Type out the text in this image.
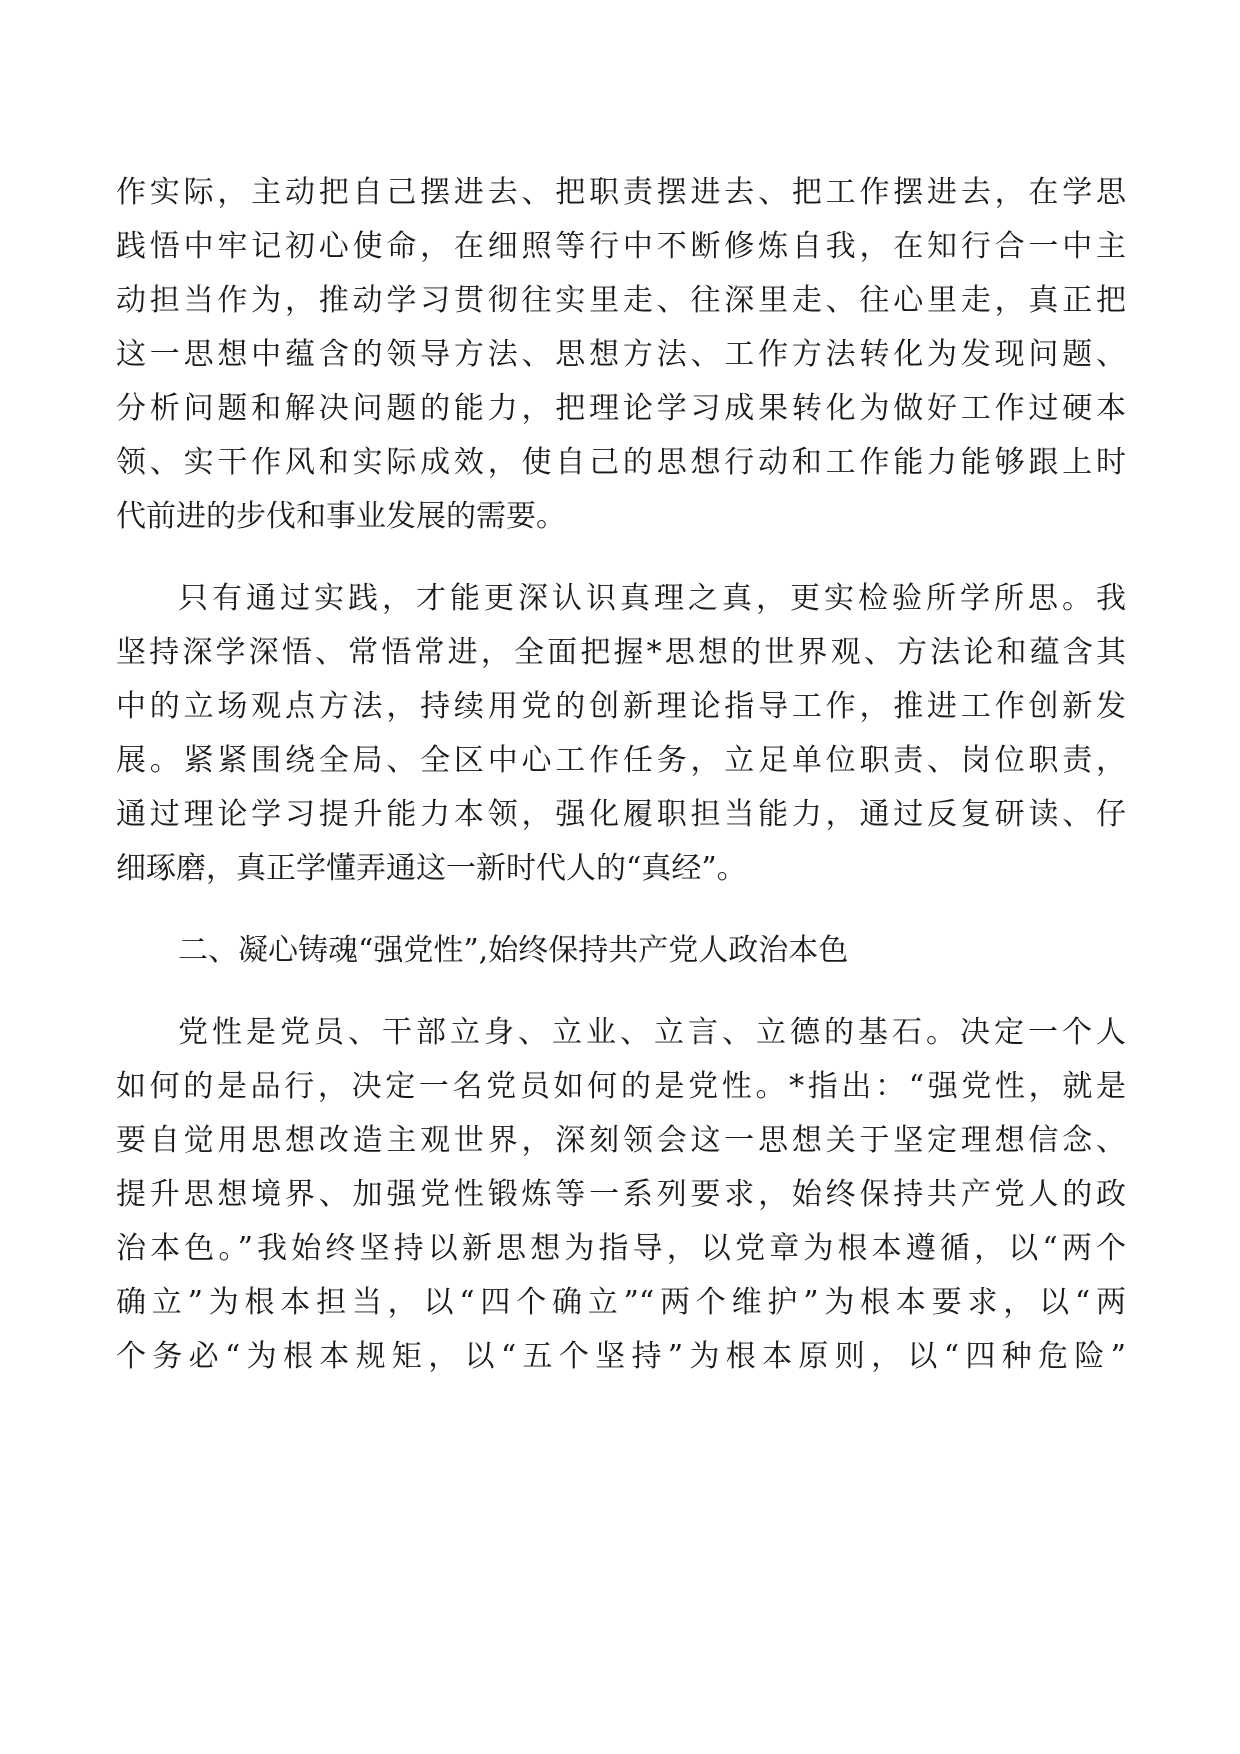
作实际，主动把自己摆进去、把职责摆进去、把工作摆进去，在学思
践悟中牢记初心使命，在细照等行中不断修炼自我，在知行合一中主
动担当作为，推动学习贯彻往实里走、往深里走、往心里走，真正把
这一思想中蕴含的领导方法、思想方法、工作方法转化为发现问题、
分析问题和解决问题的能力，把理论学习成果转化为做好工作过硬本
领、实干作风和实际成效，使自己的思想行动和工作能力能够跟上时
代前进的步伐和事业发展的需要。
只有通过实践，才能更深认识真理之真，更实检验所学所思。我
坚持深学深悟、常悟常进，全面把握*思想的世界观、方法论和蕴含其
中的立场观点方法，持续用党的创新理论指导工作，推进工作创新发
展。紧紧围绕全局、全区中心工作任务，立足单位职责、岗位职责，
通过理论学习提升能力本领，强化履职担当能力，通过反复研读、仔
细琢磨，真正学懂弄通这一新时代人的“真经”。
二、凝心铸魂“强党性”,始终保持共产党人政治本色
党性是党员、干部立身、立业、立言、立德的基石。决定一个人
如何的是品行，决定一名党员如何的是党性。*指出：“强党性，就是
要自觉用思想改造主观世界，深刻领会这一思想关于坚定理想信念、
提升思想境界、加强党性锻炼等一系列要求，始终保持共产党人的政
治本色。”我始终坚持以新思想为指导，以党章为根本遵循，以“两个
确立”为根本担当，以“四个确立”“两个维护”为根本要求，以“两
个务必“为根本规矩，以“五个坚持”为根本原则，以“四种危险”
